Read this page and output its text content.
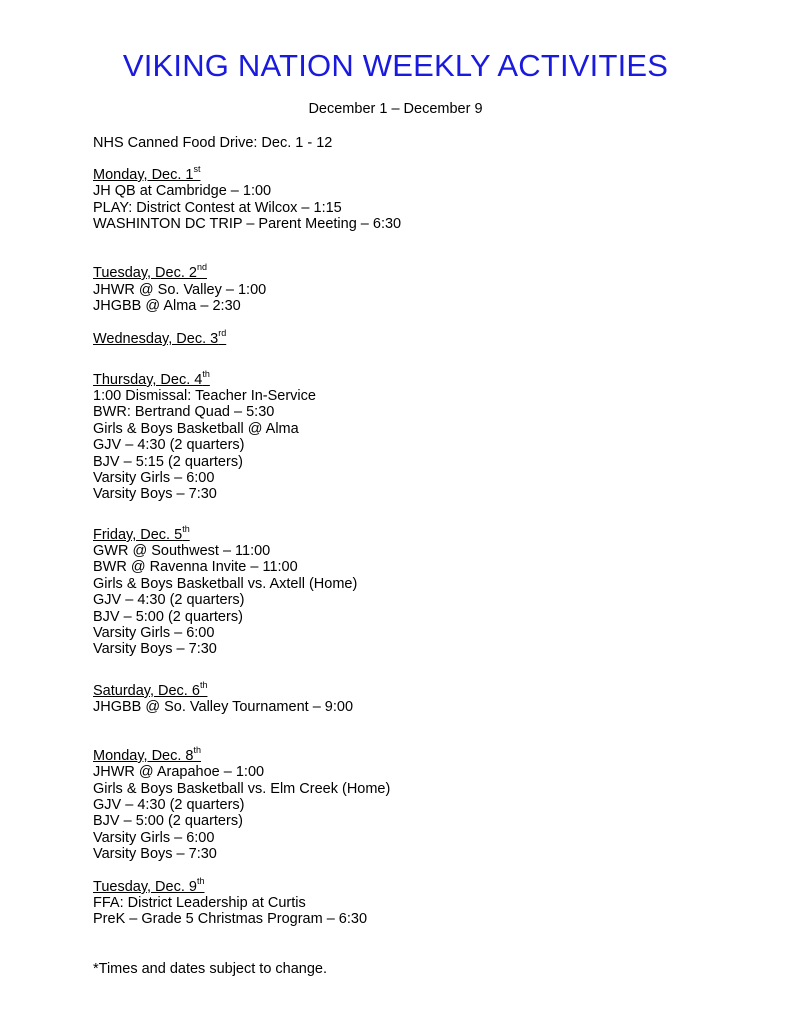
VIKING NATION WEEKLY ACTIVITIES
December 1 – December 9
NHS Canned Food Drive: Dec. 1 - 12
Monday, Dec. 1st
JH QB at Cambridge – 1:00
PLAY: District Contest at Wilcox – 1:15
WASHINTON DC TRIP – Parent Meeting – 6:30
Tuesday, Dec. 2nd
JHWR @ So. Valley – 1:00
JHGBB @ Alma – 2:30
Wednesday, Dec. 3rd
Thursday, Dec. 4th
1:00 Dismissal: Teacher In-Service
BWR: Bertrand Quad – 5:30
Girls & Boys Basketball @ Alma
GJV – 4:30 (2 quarters)
BJV – 5:15 (2 quarters)
Varsity Girls – 6:00
Varsity Boys – 7:30
Friday, Dec. 5th
GWR @ Southwest – 11:00
BWR @ Ravenna Invite – 11:00
Girls & Boys Basketball vs. Axtell (Home)
GJV – 4:30 (2 quarters)
BJV – 5:00 (2 quarters)
Varsity Girls – 6:00
Varsity Boys – 7:30
Saturday, Dec. 6th
JHGBB @ So. Valley Tournament – 9:00
Monday, Dec. 8th
JHWR @ Arapahoe – 1:00
Girls & Boys Basketball vs. Elm Creek (Home)
GJV – 4:30 (2 quarters)
BJV – 5:00 (2 quarters)
Varsity Girls – 6:00
Varsity Boys – 7:30
Tuesday, Dec. 9th
FFA: District Leadership at Curtis
PreK – Grade 5 Christmas Program – 6:30
*Times and dates subject to change.
